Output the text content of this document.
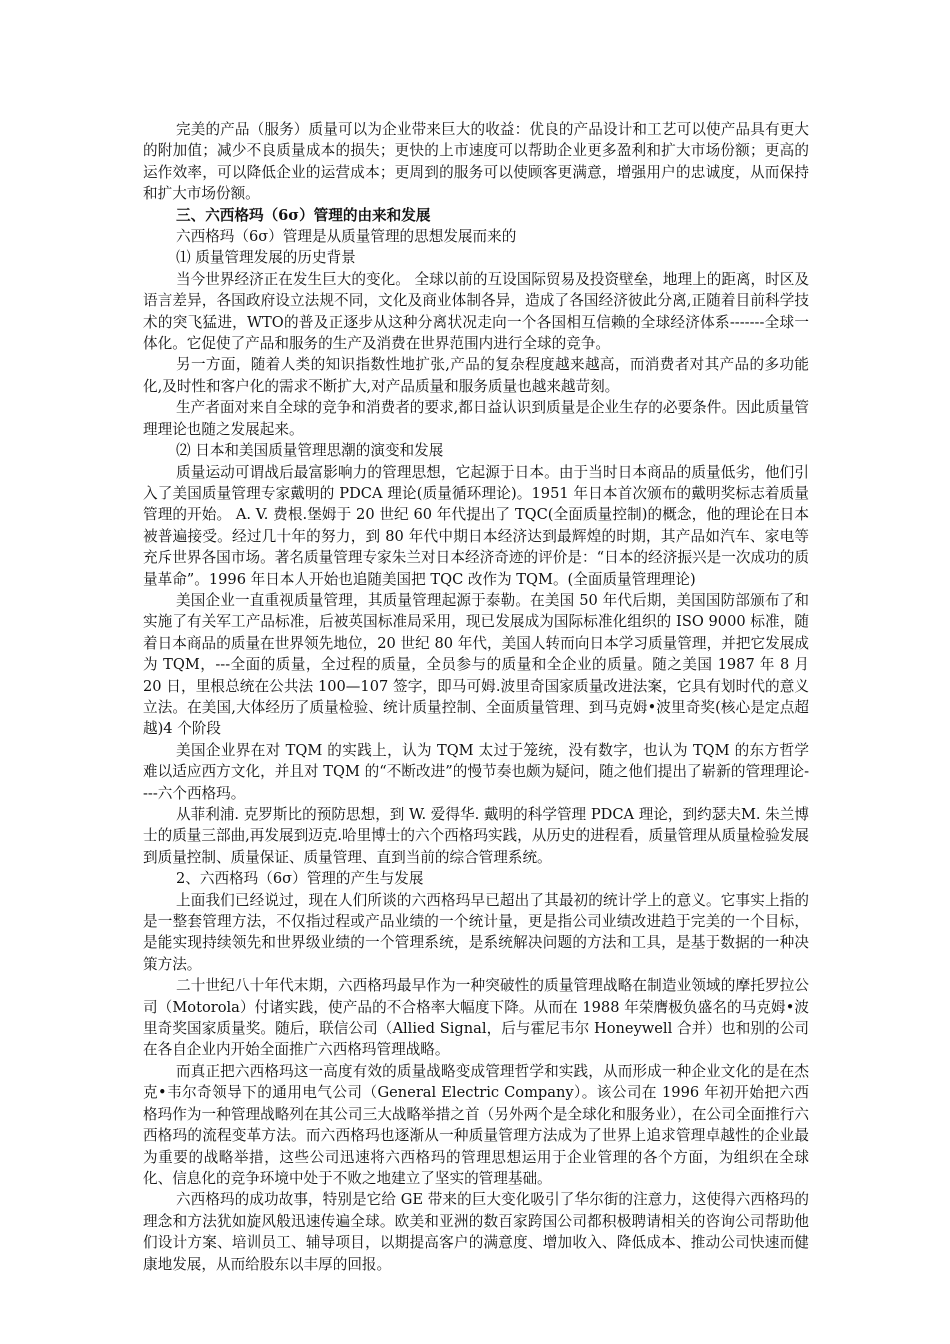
完美的产品（服务）质量可以为企业带来巨大的收益：优良的产品设计和工艺可以使产品具有更大的附加值；减少不良质量成本的损失；更快的上市速度可以帮助企业更多盈利和扩大市场份额；更高的运作效率，可以降低企业的运营成本；更周到的服务可以使顾客更满意，增强用户的忠诚度，从而保持和扩大市场份额。

三、六西格玛（6σ）管理的由来和发展

六西格玛（6σ）管理是从质量管理的思想发展而来的

⑴ 质量管理发展的历史背景

当今世界经济正在发生巨大的变化。 全球以前的互设国际贸易及投资壁垒，地理上的距离，时区及语言差异，各国政府设立法规不同，文化及商业体制各异，造成了各国经济彼此分离,正随着目前科学技术的突飞猛进，WTO的普及正逐步从这种分离状况走向一个各国相互信赖的全球经济体系-------全球一体化。它促使了产品和服务的生产及消费在世界范围内进行全球的竞争。

另一方面，随着人类的知识指数性地扩张,产品的复杂程度越来越高，而消费者对其产品的多功能化,及时性和客户化的需求不断扩大,对产品质量和服务质量也越来越苛刻。

生产者面对来自全球的竞争和消费者的要求,都日益认识到质量是企业生存的必要条件。因此质量管理理论也随之发展起来。

⑵ 日本和美国质量管理思潮的演变和发展

质量运动可谓战后最富影响力的管理思想，它起源于日本。由于当时日本商品的质量低劣，他们引入了美国质量管理专家戴明的 PDCA 理论(质量循环理论)。1951 年日本首次颁布的戴明奖标志着质量管理的开始。 A. V. 费根.堡姆于 20 世纪 60 年代提出了 TQC(全面质量控制)的概念，他的理论在日本被普遍接受。经过几十年的努力，到 80 年代中期日本经济达到最辉煌的时期，其产品如汽车、家电等充斥世界各国市场。著名质量管理专家朱兰对日本经济奇迹的评价是：“日本的经济振兴是一次成功的质量革命”。1996 年日本人开始也追随美国把 TQC 改作为 TQM。(全面质量管理理论)

美国企业一直重视质量管理，其质量管理起源于泰勒。在美国 50 年代后期，美国国防部颁布了和实施了有关军工产品标准，后被英国标准局采用，现已发展成为国际标准化组织的 ISO 9000 标准，随着日本商品的质量在世界领先地位，20 世纪 80 年代，美国人转而向日本学习质量管理，并把它发展成为 TQM，---全面的质量，全过程的质量，全员参与的质量和全企业的质量。随之美国 1987 年 8 月 20 日，里根总统在公共法 100—107 签字，即马可姆.波里奇国家质量改进法案，它具有划时代的意义立法。在美国,大体经历了质量检验、统计质量控制、全面质量管理、到马克姆•波里奇奖(核心是定点超越)4 个阶段

美国企业界在对 TQM 的实践上，认为 TQM 太过于笼统，没有数字，也认为 TQM 的东方哲学难以适应西方文化，并且对 TQM 的“不断改进”的慢节奏也颇为疑问，随之他们提出了崭新的管理理论----六个西格玛。

从菲利浦. 克罗斯比的预防思想，到 W. 爱得华. 戴明的科学管理 PDCA 理论，到约瑟夫M. 朱兰博士的质量三部曲,再发展到迈克.哈里博士的六个西格玛实践，从历史的进程看，质量管理从质量检验发展到质量控制、质量保证、质量管理、直到当前的综合管理系统。

2、六西格玛（6σ）管理的产生与发展

上面我们已经说过，现在人们所谈的六西格玛早已超出了其最初的统计学上的意义。它事实上指的是一整套管理方法，不仅指过程或产品业绩的一个统计量，更是指公司业绩改进趋于完美的一个目标，是能实现持续领先和世界级业绩的一个管理系统，是系统解决问题的方法和工具，是基于数据的一种决策方法。

二十世纪八十年代末期，六西格玛最早作为一种突破性的质量管理战略在制造业领域的摩托罗拉公司（Motorola）付诸实践，使产品的不合格率大幅度下降。从而在 1988 年荣膺极负盛名的马克姆•波里奇奖国家质量奖。随后，联信公司（Allied Signal，后与霍尼韦尔 Honeywell 合并）也和别的公司在各自企业内开始全面推广六西格玛管理战略。

而真正把六西格玛这一高度有效的质量战略变成管理哲学和实践，从而形成一种企业文化的是在杰克•韦尔奇领导下的通用电气公司（General Electric Company）。该公司在 1996 年初开始把六西格玛作为一种管理战略列在其公司三大战略举措之首（另外两个是全球化和服务业），在公司全面推行六西格玛的流程变革方法。而六西格玛也逐渐从一种质量管理方法成为了世界上追求管理卓越性的企业最为重要的战略举措，这些公司迅速将六西格玛的管理思想运用于企业管理的各个方面，为组织在全球化、信息化的竞争环境中处于不败之地建立了坚实的管理基础。

六西格玛的成功故事，特别是它给 GE 带来的巨大变化吸引了华尔街的注意力，这使得六西格玛的理念和方法犹如旋风般迅速传遍全球。欧美和亚洲的数百家跨国公司都积极聘请相关的咨询公司帮助他们设计方案、培训员工、辅导项目，以期提高客户的满意度、增加收入、降低成本、推动公司快速而健康地发展，从而给股东以丰厚的回报。
